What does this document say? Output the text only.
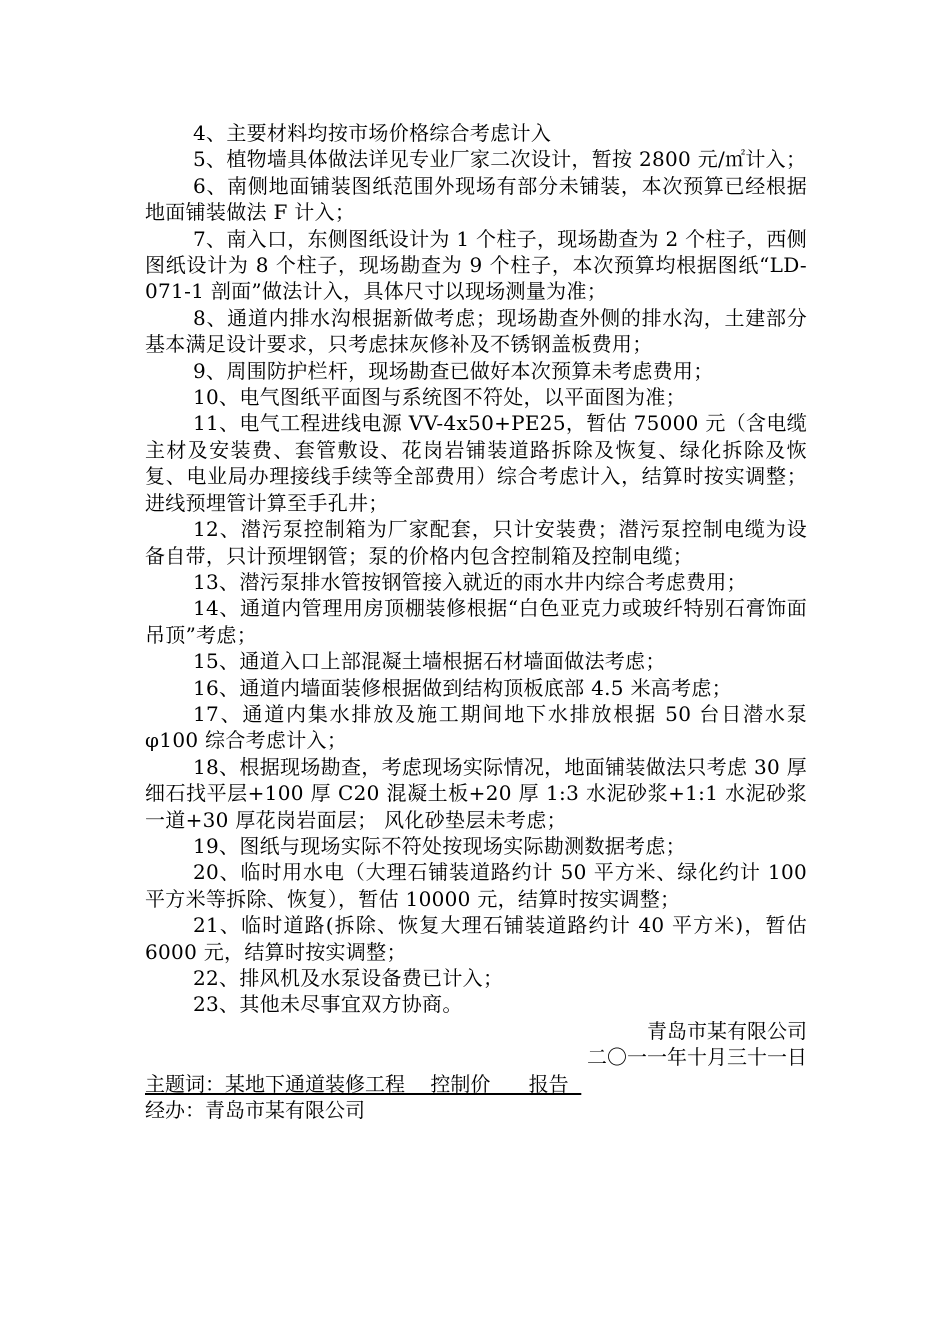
4、主要材料均按市场价格综合考虑计入

5、植物墙具体做法详见专业厂家二次设计，暂按 2800 元/㎡计入；

6、南侧地面铺装图纸范围外现场有部分未铺装，本次预算已经根据地面铺装做法 F 计入；

7、南入口，东侧图纸设计为 1 个柱子，现场勘查为 2 个柱子，西侧图纸设计为 8 个柱子，现场勘查为 9 个柱子，本次预算均根据图纸“LD-071-1 剖面”做法计入，具体尺寸以现场测量为准；

8、通道内排水沟根据新做考虑；现场勘查外侧的排水沟，土建部分基本满足设计要求，只考虑抹灰修补及不锈钢盖板费用；

9、周围防护栏杆，现场勘查已做好本次预算未考虑费用；

10、电气图纸平面图与系统图不符处，以平面图为准；

11、电气工程进线电源 VV-4x50+PE25，暂估 75000 元（含电缆主材及安装费、套管敷设、花岗岩铺装道路拆除及恢复、绿化拆除及恢复、电业局办理接线手续等全部费用）综合考虑计入，结算时按实调整；进线预埋管计算至手孔井；

12、潜污泵控制箱为厂家配套，只计安装费；潜污泵控制电缆为设备自带，只计预埋钢管；泵的价格内包含控制箱及控制电缆；

13、潜污泵排水管按钢管接入就近的雨水井内综合考虑费用；

14、通道内管理用房顶棚装修根据“白色亚克力或玻纤特别石膏饰面吊顶”考虑；

15、通道入口上部混凝土墙根据石材墙面做法考虑；

16、通道内墙面装修根据做到结构顶板底部 4.5 米高考虑；

17、通道内集水排放及施工期间地下水排放根据 50 台日潜水泵φ100 综合考虑计入；

18、根据现场勘查，考虑现场实际情况，地面铺装做法只考虑 30 厚细石找平层+100 厚 C20 混凝土板+20 厚 1:3 水泥砂浆+1:1 水泥砂浆一道+30 厚花岗岩面层； 风化砂垫层未考虑；

19、图纸与现场实际不符处按现场实际勘测数据考虑；

20、临时用水电（大理石铺装道路约计 50 平方米、绿化约计 100 平方米等拆除、恢复），暂估 10000 元，结算时按实调整；

21、临时道路(拆除、恢复大理石铺装道路约计 40 平方米)，暂估 6000 元，结算时按实调整；

22、排风机及水泵设备费已计入；

23、其他未尽事宜双方协商。

青岛市某有限公司

二〇一一年十月三十一日

主题词：某地下通道装修工程    控制价      报告

经办：青岛市某有限公司
